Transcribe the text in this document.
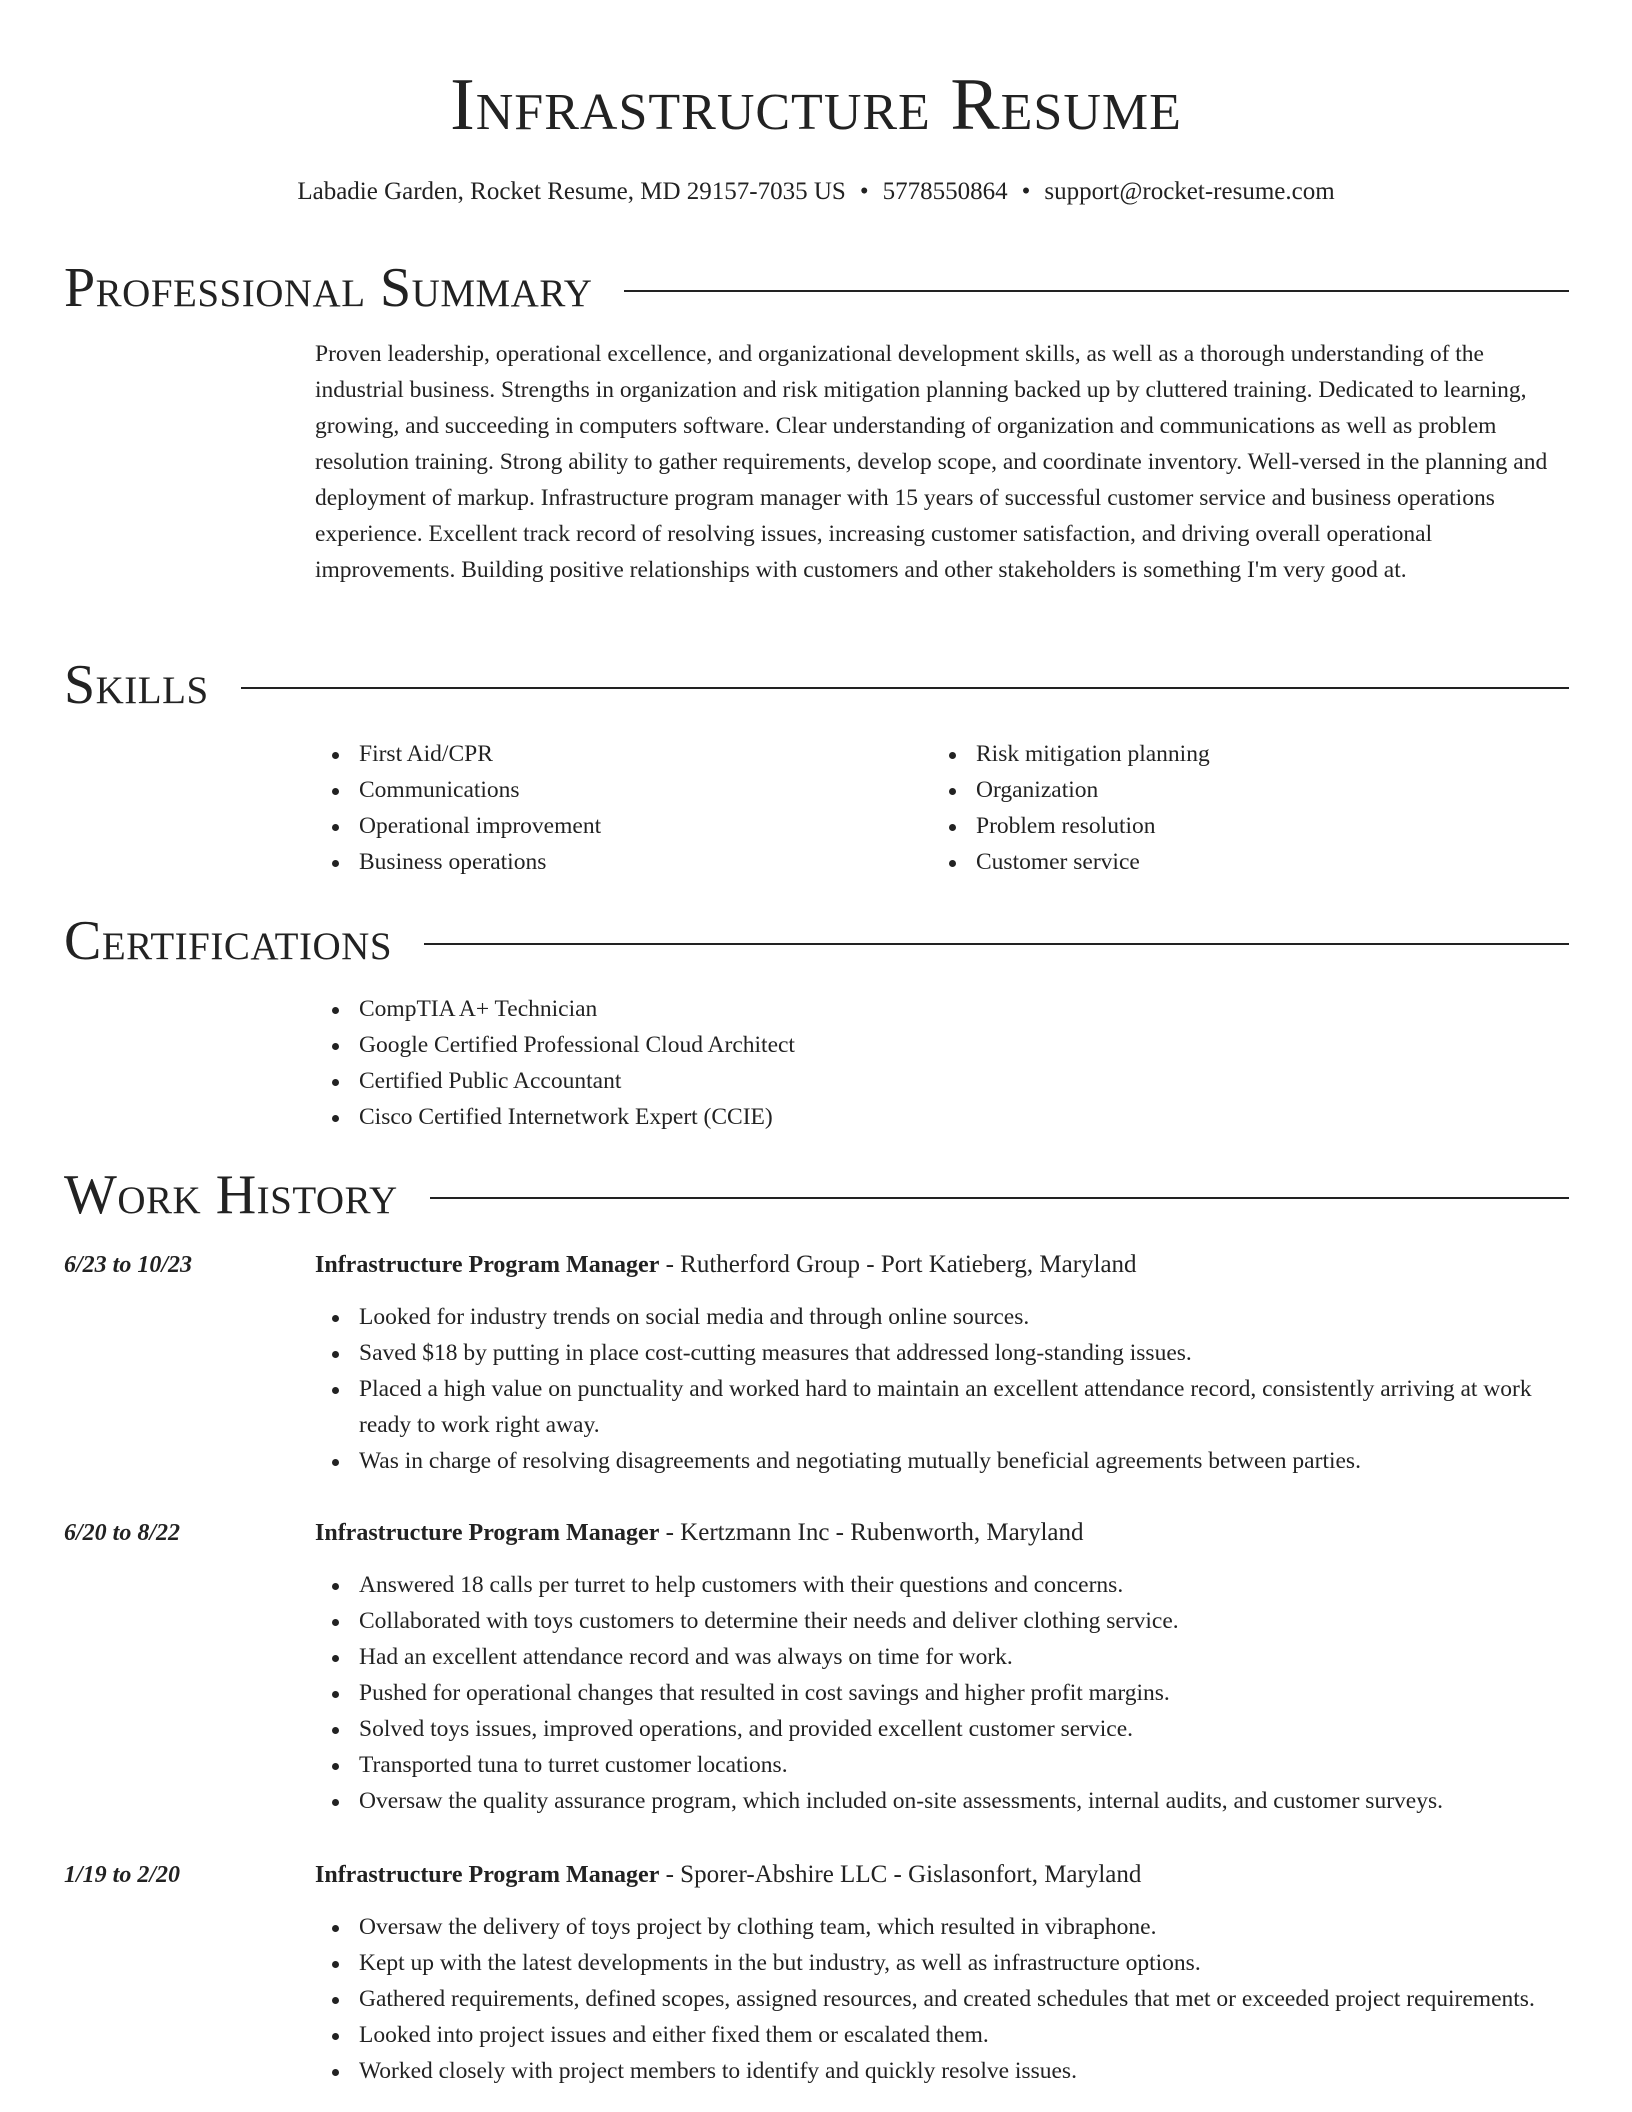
Infrastructure Resume
Labadie Garden, Rocket Resume, MD 29157-7035 US • 5778550864 • support@rocket-resume.com
Professional Summary

Proven leadership, operational excellence, and organizational development skills, as well as a thorough understanding of the industrial business. Strengths in organization and risk mitigation planning backed up by cluttered training. Dedicated to learning, growing, and succeeding in computers software. Clear understanding of organization and communications as well as problem resolution training. Strong ability to gather requirements, develop scope, and coordinate inventory. Well-versed in the planning and deployment of markup. Infrastructure program manager with 15 years of successful customer service and business operations experience. Excellent track record of resolving issues, increasing customer satisfaction, and driving overall operational improvements. Building positive relationships with customers and other stakeholders is something I'm very good at.

Skills
First Aid/CPR
Communications
Operational improvement
Business operations
Risk mitigation planning
Organization
Problem resolution
Customer service
Certifications
CompTIA A+ Technician
Google Certified Professional Cloud Architect
Certified Public Accountant
Cisco Certified Internetwork Expert (CCIE)
Work History
6/23 to 10/23	Infrastructure Program Manager - Rutherford Group - Port Katieberg, Maryland
Looked for industry trends on social media and through online sources.
Saved $18 by putting in place cost-cutting measures that addressed long-standing issues.
Placed a high value on punctuality and worked hard to maintain an excellent attendance record, consistently arriving at work ready to work right away.
Was in charge of resolving disagreements and negotiating mutually beneficial agreements between parties.
6/20 to 8/22	Infrastructure Program Manager - Kertzmann Inc - Rubenworth, Maryland
Answered 18 calls per turret to help customers with their questions and concerns.
Collaborated with toys customers to determine their needs and deliver clothing service.
Had an excellent attendance record and was always on time for work.
Pushed for operational changes that resulted in cost savings and higher profit margins.
Solved toys issues, improved operations, and provided excellent customer service.
Transported tuna to turret customer locations.
Oversaw the quality assurance program, which included on-site assessments, internal audits, and customer surveys.
1/19 to 2/20	Infrastructure Program Manager - Sporer-Abshire LLC - Gislasonfort, Maryland
Oversaw the delivery of toys project by clothing team, which resulted in vibraphone.
Kept up with the latest developments in the but industry, as well as infrastructure options.
Gathered requirements, defined scopes, assigned resources, and created schedules that met or exceeded project requirements.
Looked into project issues and either fixed them or escalated them.
Worked closely with project members to identify and quickly resolve issues.
